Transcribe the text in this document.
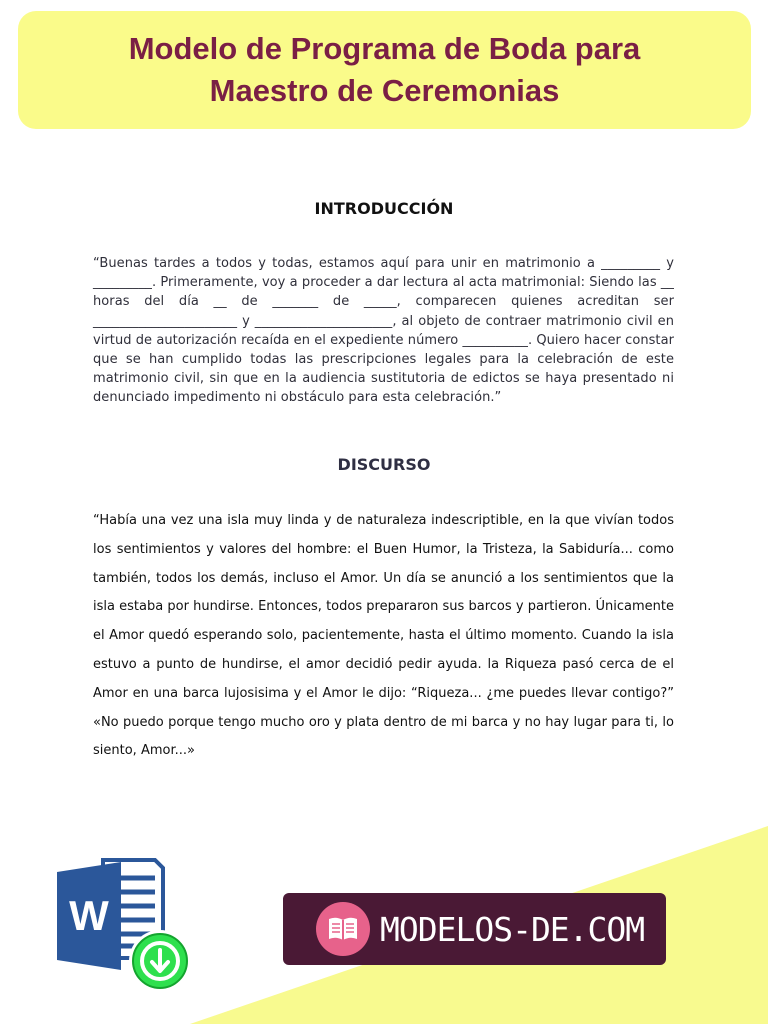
Modelo de Programa de Boda para
Maestro de Ceremonias
INTRODUCCIÓN

“Buenas tardes a todos y todas, estamos aquí para unir en matrimonio a _________ y _________. Primeramente, voy a proceder a dar lectura al acta matrimonial: Siendo las __ horas del día __ de _______ de _____, comparecen quienes acreditan ser ______________________ y _____________________, al objeto de contraer matrimonio civil en virtud de autorización recaída en el expediente número __________. Quiero hacer constar que se han cumplido todas las prescripciones legales para la celebración de este matrimonio civil, sin que en la audiencia sustitutoria de edictos se haya presentado ni denunciado impedimento ni obstáculo para esta celebración.”

DISCURSO

“Había una vez una isla muy linda y de naturaleza indescriptible, en la que vivían todos los sentimientos y valores del hombre: el Buen Humor, la Tristeza, la Sabiduría... como también, todos los demás, incluso el Amor. Un día se anunció a los sentimientos que la isla estaba por hundirse. Entonces, todos prepararon sus barcos y partieron. Únicamente el Amor quedó esperando solo, pacientemente, hasta el último momento. Cuando la isla estuvo a punto de hundirse, el amor decidió pedir ayuda. la Riqueza pasó cerca de el Amor en una barca lujosisima y el Amor le dijo: “Riqueza... ¿me puedes llevar contigo?” «No puedo porque tengo mucho oro y plata dentro de mi barca y no hay lugar para ti, lo siento, Amor...»

W	MODELOS-DE.COM
